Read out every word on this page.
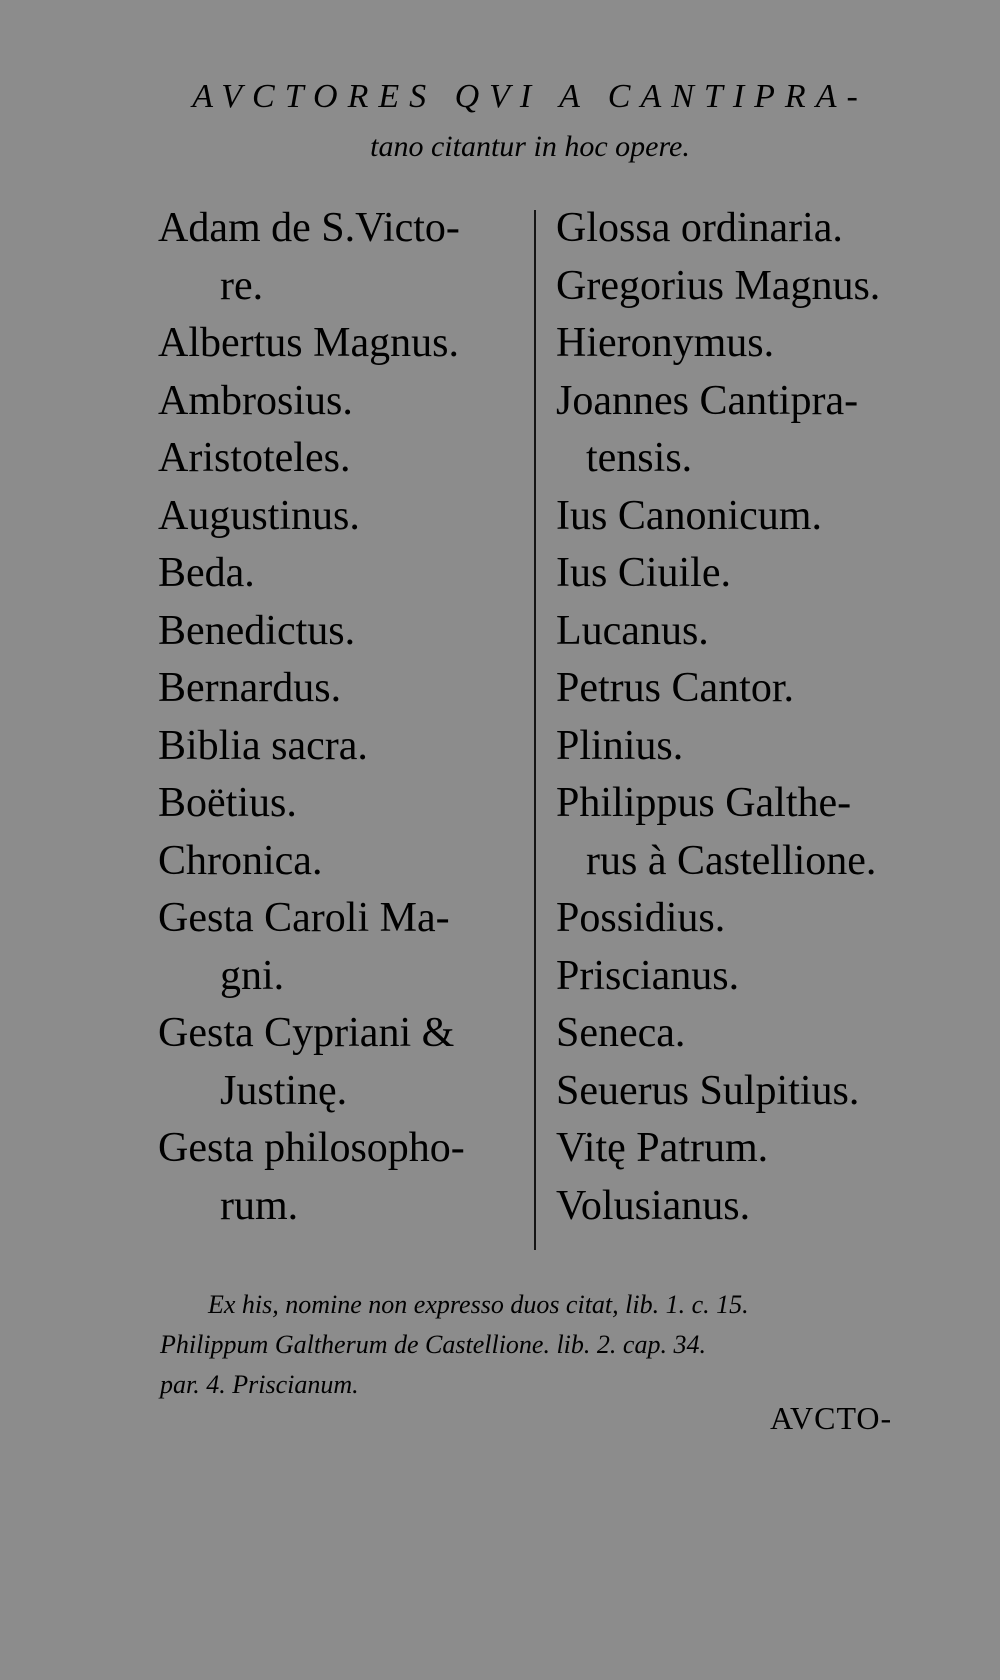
AVCTORES QVI A CANTIPRA-
tano citantur in hoc opere.
Adam de S.Victo-
re.
Albertus Magnus.
Ambrosius.
Aristoteles.
Augustinus.
Beda.
Benedictus.
Bernardus.
Biblia sacra.
Boëtius.
Chronica.
Gesta Caroli Ma-
gni.
Gesta Cypriani &
Justinę.
Gesta philosopho-
rum.
Glossa ordinaria.
Gregorius Magnus.
Hieronymus.
Joannes Cantipra-
tensis.
Ius Canonicum.
Ius Ciuile.
Lucanus.
Petrus Cantor.
Plinius.
Philippus Galthe-
rus à Castellione.
Possidius.
Priscianus.
Seneca.
Seuerus Sulpitius.
Vitę Patrum.
Volusianus.
Ex his, nomine non expresso duos citat, lib. 1. c. 15.
Philippum Galtherum de Castellione. lib. 2. cap. 34.
par. 4. Priscianum.
AVCTO-
